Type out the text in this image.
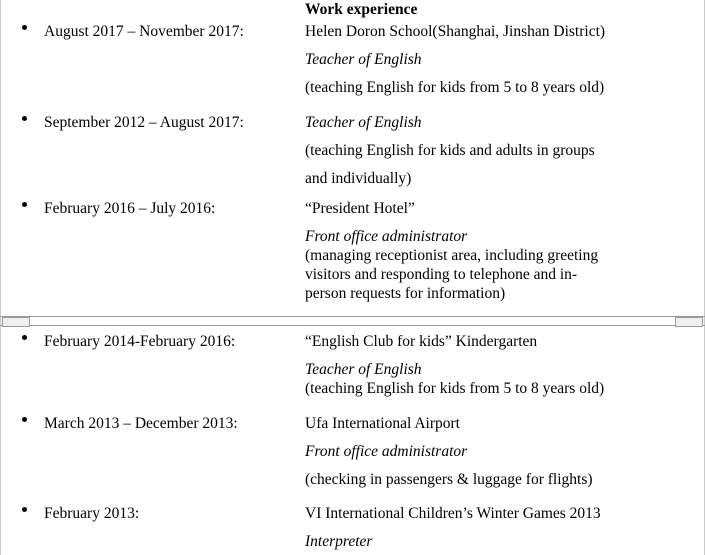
Work experience
August 2017 – November 2017:	Helen Doron School(Shanghai, Jinshan District)
Teacher of English
(teaching English for kids from 5 to 8 years old)
September 2012 – August 2017:	Teacher of English
(teaching English for kids and adults in groups
and individually)
February 2016 – July 2016:	“President Hotel”
Front office administrator
(managing receptionist area, including greeting
visitors and responding to telephone and in-
person requests for information)
February 2014-February 2016:	“English Club for kids” Kindergarten
Teacher of English
(teaching English for kids from 5 to 8 years old)
March 2013 – December 2013:	Ufa International Airport
Front office administrator
(checking in passengers & luggage for flights)
February 2013:	VI International Children’s Winter Games 2013
Interpreter
